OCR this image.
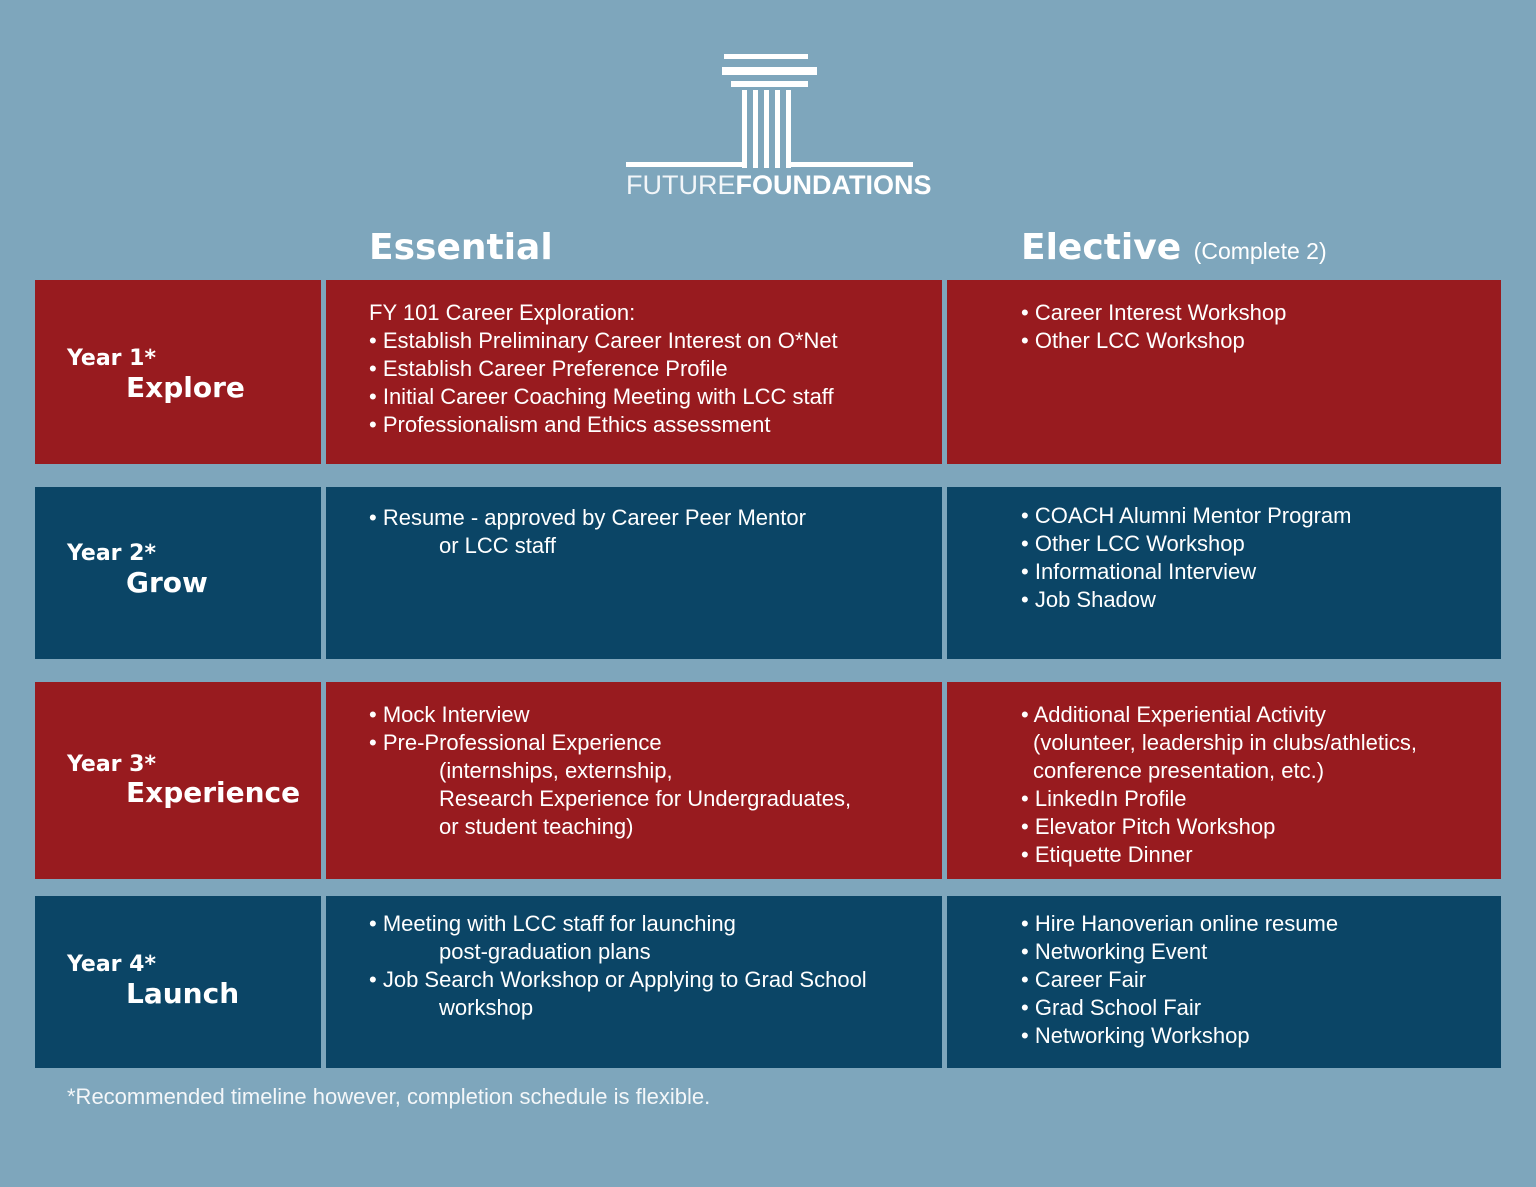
FUTUREFOUNDATIONS
Essential	Elective (Complete 2)
Year 1*
Explore
FY 101 Career Exploration:
• Establish Preliminary Career Interest on O*Net
• Establish Career Preference Profile
• Initial Career Coaching Meeting with LCC staff
• Professionalism and Ethics assessment
• Career Interest Workshop
• Other LCC Workshop
Year 2*
Grow
• Resume - approved by Career Peer Mentor
or LCC staff
• COACH Alumni Mentor Program
• Other LCC Workshop
• Informational Interview
• Job Shadow
Year 3*
Experience
• Mock Interview
• Pre-Professional Experience
(internships, externship,
Research Experience for Undergraduates,
or student teaching)
• Additional Experiential Activity
(volunteer, leadership in clubs/athletics,
conference presentation, etc.)
• LinkedIn Profile
• Elevator Pitch Workshop
• Etiquette Dinner
Year 4*
Launch
• Meeting with LCC staff for launching
post-graduation plans
• Job Search Workshop or Applying to Grad School
workshop
• Hire Hanoverian online resume
• Networking Event
• Career Fair
• Grad School Fair
• Networking Workshop
*Recommended timeline however, completion schedule is flexible.
